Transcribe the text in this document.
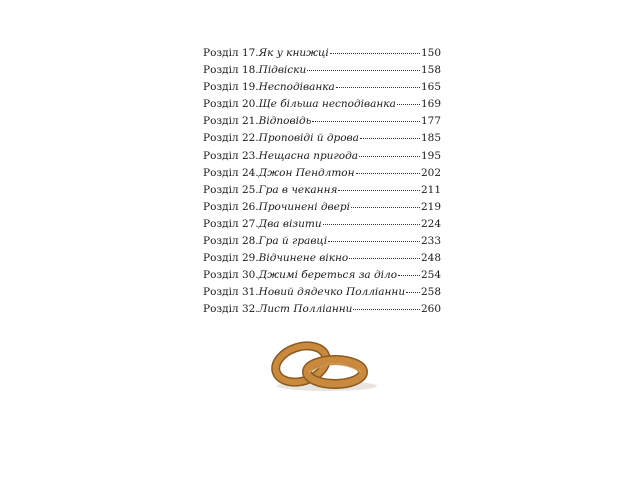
Розділ 17. Як у книжці	150
Розділ 18. Підвіски	158
Розділ 19. Несподіванка	165
Розділ 20. Ще більша несподіванка 169
Розділ 21. Відповідь	177
Розділ 22. Проповіді й дрова	185
Розділ 23. Нещасна пригода	195
Розділ 24. Джон Пендлтон	202
Розділ 25. Гра в чекання	211
Розділ 26. Прочинені двері	219
Розділ 27. Два візити	224
Розділ 28. Гра й гравці	233
Розділ 29. Відчинене вікно	248
Розділ 30. Джимі береться за діло 254
Розділ 31. Новий дядечко Полліанни 258
Розділ 32. Лист Полліанни	260
